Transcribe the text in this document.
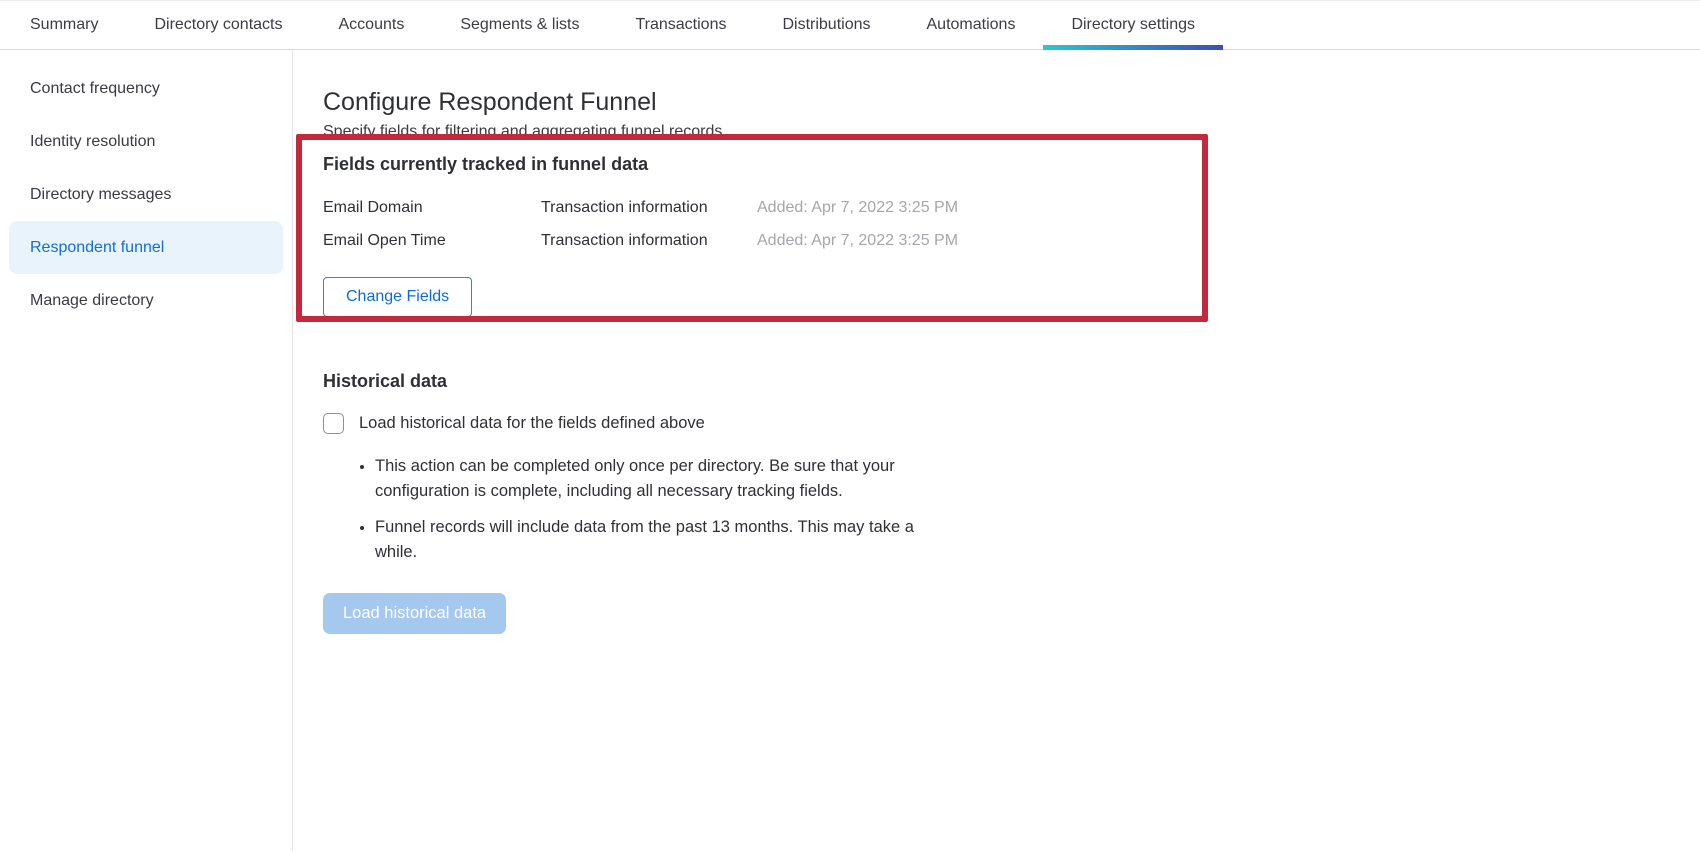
Summary	Directory contacts	Accounts	Segments & lists	Transactions	Distributions	Automations	Directory settings
Contact frequency
Identity resolution
Directory messages
Respondent funnel
Manage directory
Configure Respondent Funnel
Specify fields for filtering and aggregating funnel records
Fields currently tracked in funnel data
Email Domain	Transaction information	Added: Apr 7, 2022 3:25 PM
Email Open Time	Transaction information	Added: Apr 7, 2022 3:25 PM
Change Fields
Historical data
Load historical data for the fields defined above
• This action can be completed only once per directory. Be sure that your configuration is complete, including all necessary tracking fields.
• Funnel records will include data from the past 13 months. This may take a while.
Load historical data
